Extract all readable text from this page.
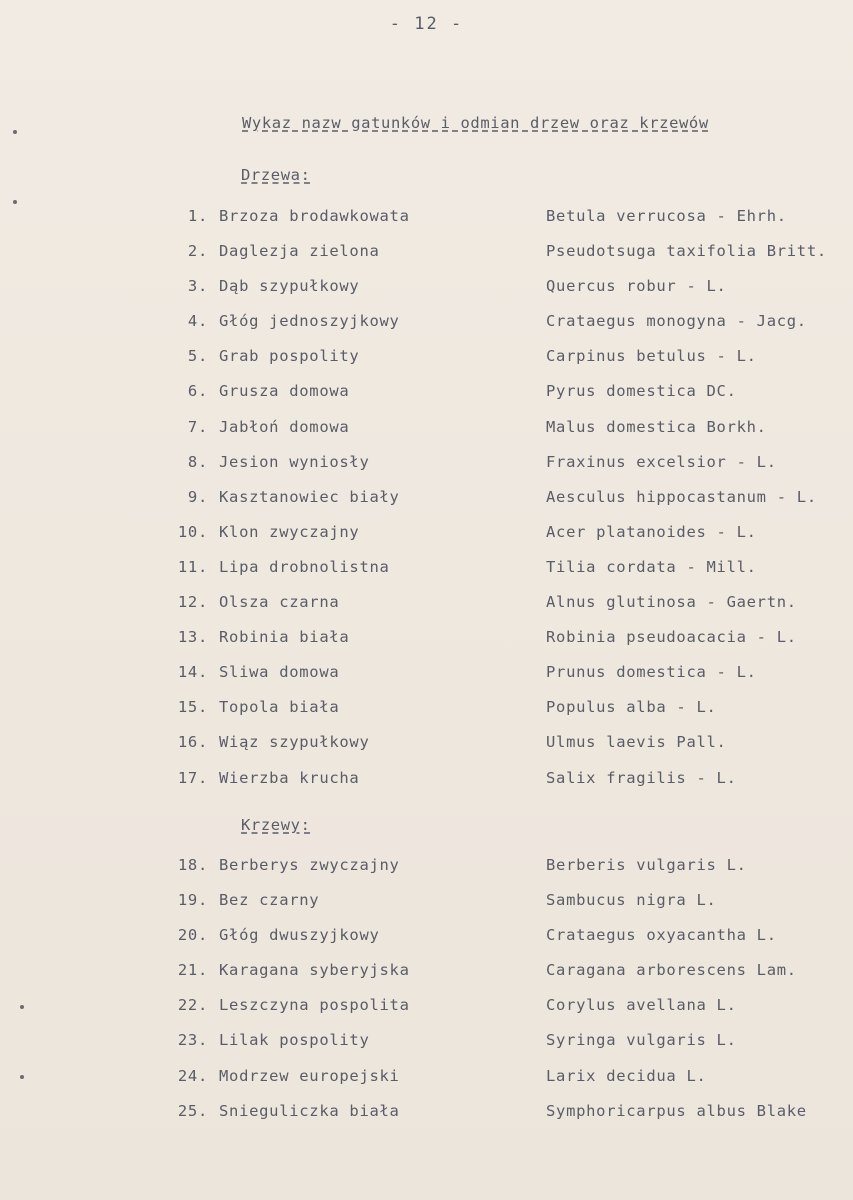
- 12 -
Wykaz nazw gatunków i odmian drzew oraz krzewów
Drzewa:
1. Brzoza brodawkowata	Betula verrucosa - Ehrh.
2. Daglezja zielona	Pseudotsuga taxifolia Britt.
3. Dąb szypułkowy	Quercus robur - L.
4. Głóg jednoszyjkowy	Crataegus monogyna - Jacg.
5. Grab pospolity	Carpinus betulus - L.
6. Grusza domowa	Pyrus domestica DC.
7. Jabłoń domowa	Malus domestica Borkh.
8. Jesion wyniosły	Fraxinus excelsior - L.
9. Kasztanowiec biały	Aesculus hippocastanum - L.
10. Klon zwyczajny	Acer platanoides - L.
11. Lipa drobnolistna	Tilia cordata - Mill.
12. Olsza czarna	Alnus glutinosa - Gaertn.
13. Robinia biała	Robinia pseudoacacia - L.
14. Sliwa domowa	Prunus domestica - L.
15. Topola biała	Populus alba - L.
16. Wiąz szypułkowy	Ulmus laevis Pall.
17. Wierzba krucha	Salix fragilis - L.
Krzewy:
18. Berberys zwyczajny	Berberis vulgaris L.
19. Bez czarny	Sambucus nigra L.
20. Głóg dwuszyjkowy	Crataegus oxyacantha L.
21. Karagana syberyjska	Caragana arborescens Lam.
22. Leszczyna pospolita	Corylus avellana L.
23. Lilak pospolity	Syringa vulgaris L.
24. Modrzew europejski	Larix decidua L.
25. Snieguliczka biała	Symphoricarpus albus Blake
